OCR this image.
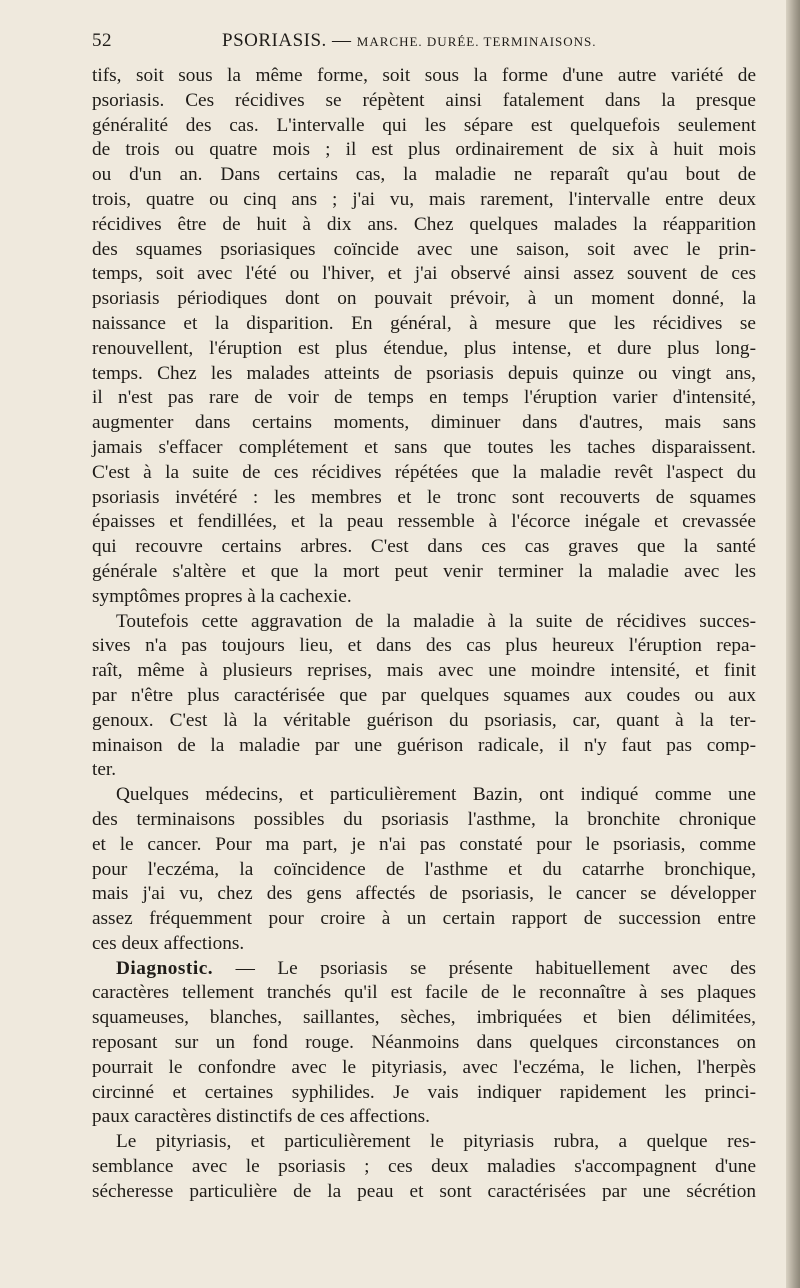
52	PSORIASIS. — MARCHE. DURÉE. TERMINAISONS.
tifs, soit sous la même forme, soit sous la forme d'une autre variété de
psoriasis. Ces récidives se répètent ainsi fatalement dans la presque
généralité des cas. L'intervalle qui les sépare est quelquefois seulement
de trois ou quatre mois ; il est plus ordinairement de six à huit mois
ou d'un an. Dans certains cas, la maladie ne reparaît qu'au bout de
trois, quatre ou cinq ans ; j'ai vu, mais rarement, l'intervalle entre deux
récidives être de huit à dix ans. Chez quelques malades la réapparition
des squames psoriasiques coïncide avec une saison, soit avec le prin-
temps, soit avec l'été ou l'hiver, et j'ai observé ainsi assez souvent de ces
psoriasis périodiques dont on pouvait prévoir, à un moment donné, la
naissance et la disparition. En général, à mesure que les récidives se
renouvellent, l'éruption est plus étendue, plus intense, et dure plus long-
temps. Chez les malades atteints de psoriasis depuis quinze ou vingt ans,
il n'est pas rare de voir de temps en temps l'éruption varier d'intensité,
augmenter dans certains moments, diminuer dans d'autres, mais sans
jamais s'effacer complétement et sans que toutes les taches disparaissent.
C'est à la suite de ces récidives répétées que la maladie revêt l'aspect du
psoriasis invétéré : les membres et le tronc sont recouverts de squames
épaisses et fendillées, et la peau ressemble à l'écorce inégale et crevassée
qui recouvre certains arbres. C'est dans ces cas graves que la santé
générale s'altère et que la mort peut venir terminer la maladie avec les
symptômes propres à la cachexie.
Toutefois cette aggravation de la maladie à la suite de récidives succes-
sives n'a pas toujours lieu, et dans des cas plus heureux l'éruption repa-
raît, même à plusieurs reprises, mais avec une moindre intensité, et finit
par n'être plus caractérisée que par quelques squames aux coudes ou aux
genoux. C'est là la véritable guérison du psoriasis, car, quant à la ter-
minaison de la maladie par une guérison radicale, il n'y faut pas comp-
ter.
Quelques médecins, et particulièrement Bazin, ont indiqué comme une
des terminaisons possibles du psoriasis l'asthme, la bronchite chronique
et le cancer. Pour ma part, je n'ai pas constaté pour le psoriasis, comme
pour l'eczéma, la coïncidence de l'asthme et du catarrhe bronchique,
mais j'ai vu, chez des gens affectés de psoriasis, le cancer se développer
assez fréquemment pour croire à un certain rapport de succession entre
ces deux affections.
Diagnostic. — Le psoriasis se présente habituellement avec des
caractères tellement tranchés qu'il est facile de le reconnaître à ses plaques
squameuses, blanches, saillantes, sèches, imbriquées et bien délimitées,
reposant sur un fond rouge. Néanmoins dans quelques circonstances on
pourrait le confondre avec le pityriasis, avec l'eczéma, le lichen, l'herpès
circinné et certaines syphilides. Je vais indiquer rapidement les princi-
paux caractères distinctifs de ces affections.
Le pityriasis, et particulièrement le pityriasis rubra, a quelque res-
semblance avec le psoriasis ; ces deux maladies s'accompagnent d'une
sécheresse particulière de la peau et sont caractérisées par une sécrétion
